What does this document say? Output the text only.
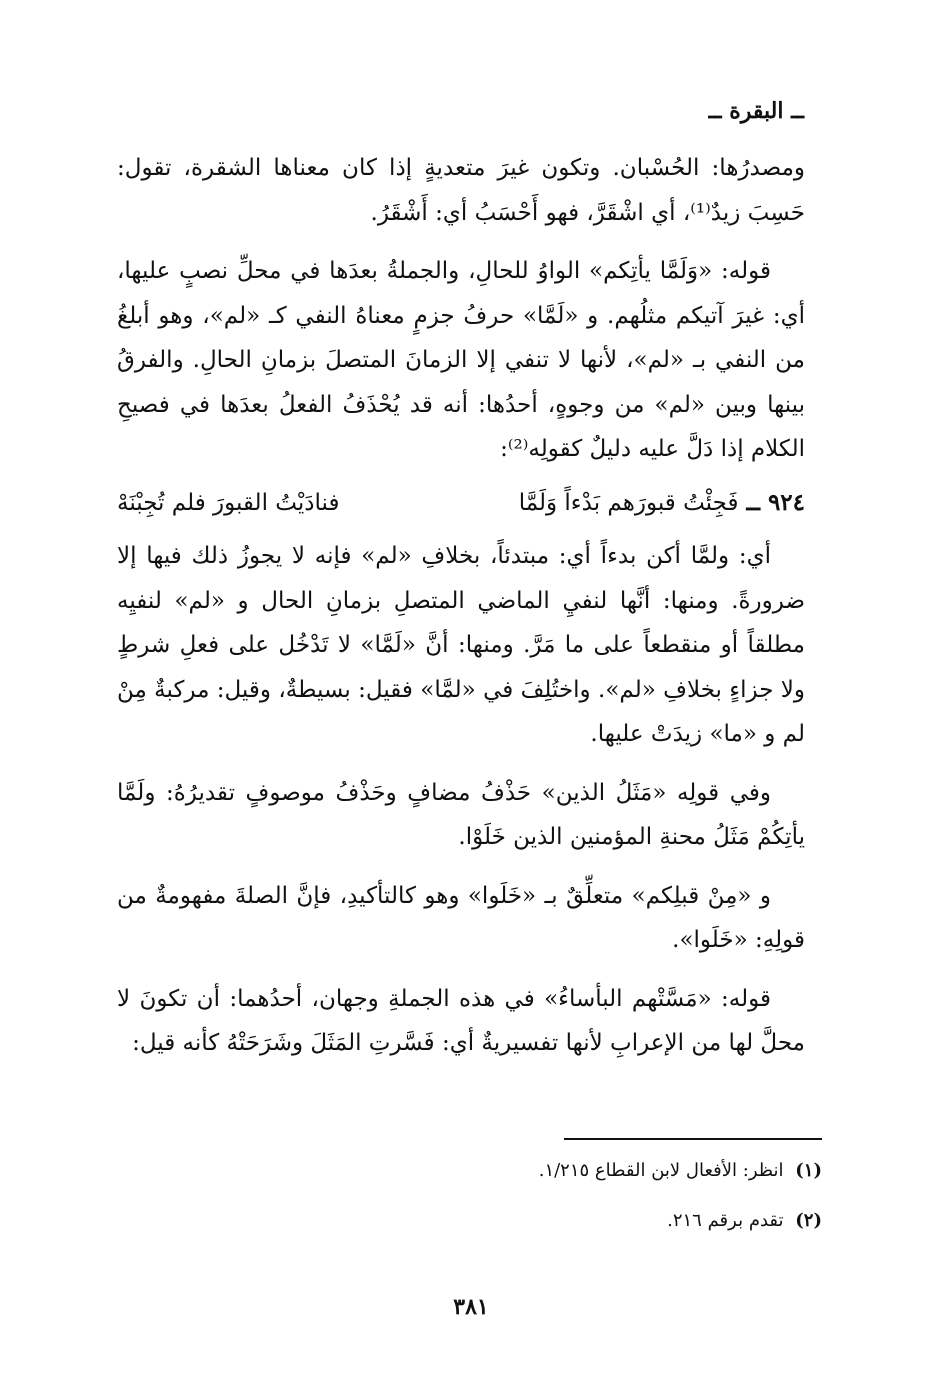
ــ البقرة ــ

ومصدرُها: الحُسْبان. وتكون غيرَ متعديةٍ إذا كان معناها الشقرة، تقول: حَسِبَ زيدٌ⁽¹⁾، أي اشْقَرَّ، فهو أَحْسَبُ أي: أَشْقَرُ.

قوله: «وَلَمَّا يأتِكم» الواوُ للحالِ، والجملةُ بعدَها في محلِّ نصبٍ عليها، أي: غيرَ آتيكم مثلُهم. و «لَمَّا» حرفُ جزمٍ معناهُ النفي كـ «لم»، وهو أبلغُ من النفي بـ «لم»، لأنها لا تنفي إلا الزمانَ المتصلَ بزمانِ الحالِ. والفرقُ بينها وبين «لم» من وجوهٍ، أحدُها: أنه قد يُحْذَفُ الفعلُ بعدَها في فصيحِ الكلام إذا دَلَّ عليه دليلٌ كقولِه⁽²⁾:

٩٢٤ ــ
فَجِئْتُ قبورَهم بَدْءاً وَلَمَّا
فنادَيْتُ القبورَ فلم تُجِبْنَهْ

أي: ولمَّا أكن بدءاً أي: مبتدئاً، بخلافِ «لم» فإنه لا يجوزُ ذلك فيها إلا ضرورةً. ومنها: أنَّها لنفيِ الماضي المتصلِ بزمانِ الحال و «لم» لنفيِه مطلقاً أو منقطعاً على ما مَرَّ. ومنها: أنَّ «لَمَّا» لا تَدْخُل على فعلِ شرطٍ ولا جزاءٍ بخلافِ «لم». واختُلِفَ في «لمَّا» فقيل: بسيطةٌ، وقيل: مركبةٌ مِنْ لم و «ما» زيدَتْ عليها.

وفي قولِه «مَثَلُ الذين» حَذْفُ مضافٍ وحَذْفُ موصوفٍ تقديرُهُ: ولَمَّا يأتِكُمْ مَثَلُ محنةِ المؤمنين الذين خَلَوْا.

و «مِنْ قبلِكم» متعلِّقٌ بـ «خَلَوا» وهو كالتأكيدِ، فإنَّ الصلةَ مفهومةٌ من قولِهِ: «خَلَوا».

قوله: «مَسَّتْهم البأساءُ» في هذه الجملةِ وجهان، أحدُهما: أن تكونَ لا محلَّ لها من الإعرابِ لأنها تفسيريةٌ أي: فَسَّرتِ المَثَلَ وشَرَحَتْهُ كأنه قيل:

(١) انظر: الأفعال لابن القطاع ١/٢١٥.
(٢) تقدم برقم ٢١٦.
٣٨١
